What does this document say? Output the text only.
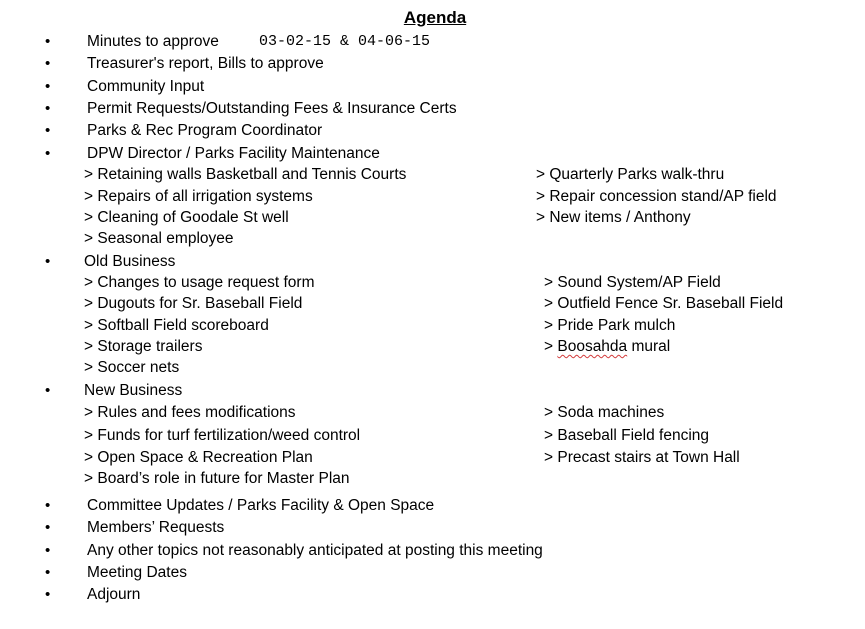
Agenda
•
•
•
•
•
•
•
•
•
•
•
•
•
Minutes to approve	03-02-15 & 04-06-15
Treasurer's report, Bills to approve
Community Input
Permit Requests/Outstanding Fees & Insurance Certs
Parks & Rec Program Coordinator
DPW Director / Parks Facility Maintenance
> Retaining walls Basketball and Tennis Courts
> Repairs of all irrigation systems
> Cleaning of Goodale St well
> Seasonal employee
> Quarterly Parks walk-thru
> Repair concession stand/AP field
> New items / Anthony
Old Business
> Changes to usage request form
> Dugouts for Sr. Baseball Field
> Softball Field scoreboard
> Storage trailers
> Soccer nets
> Sound System/AP Field
> Outfield Fence Sr. Baseball Field
> Pride Park mulch
> Boosahda mural
New Business
> Rules and fees modifications
> Funds for turf fertilization/weed control
> Open Space & Recreation Plan
> Board’s role in future for Master Plan
> Soda machines
> Baseball Field fencing
> Precast stairs at Town Hall
Committee Updates / Parks Facility & Open Space
Members’ Requests
Any other topics not reasonably anticipated at posting this meeting
Meeting Dates
Adjourn
